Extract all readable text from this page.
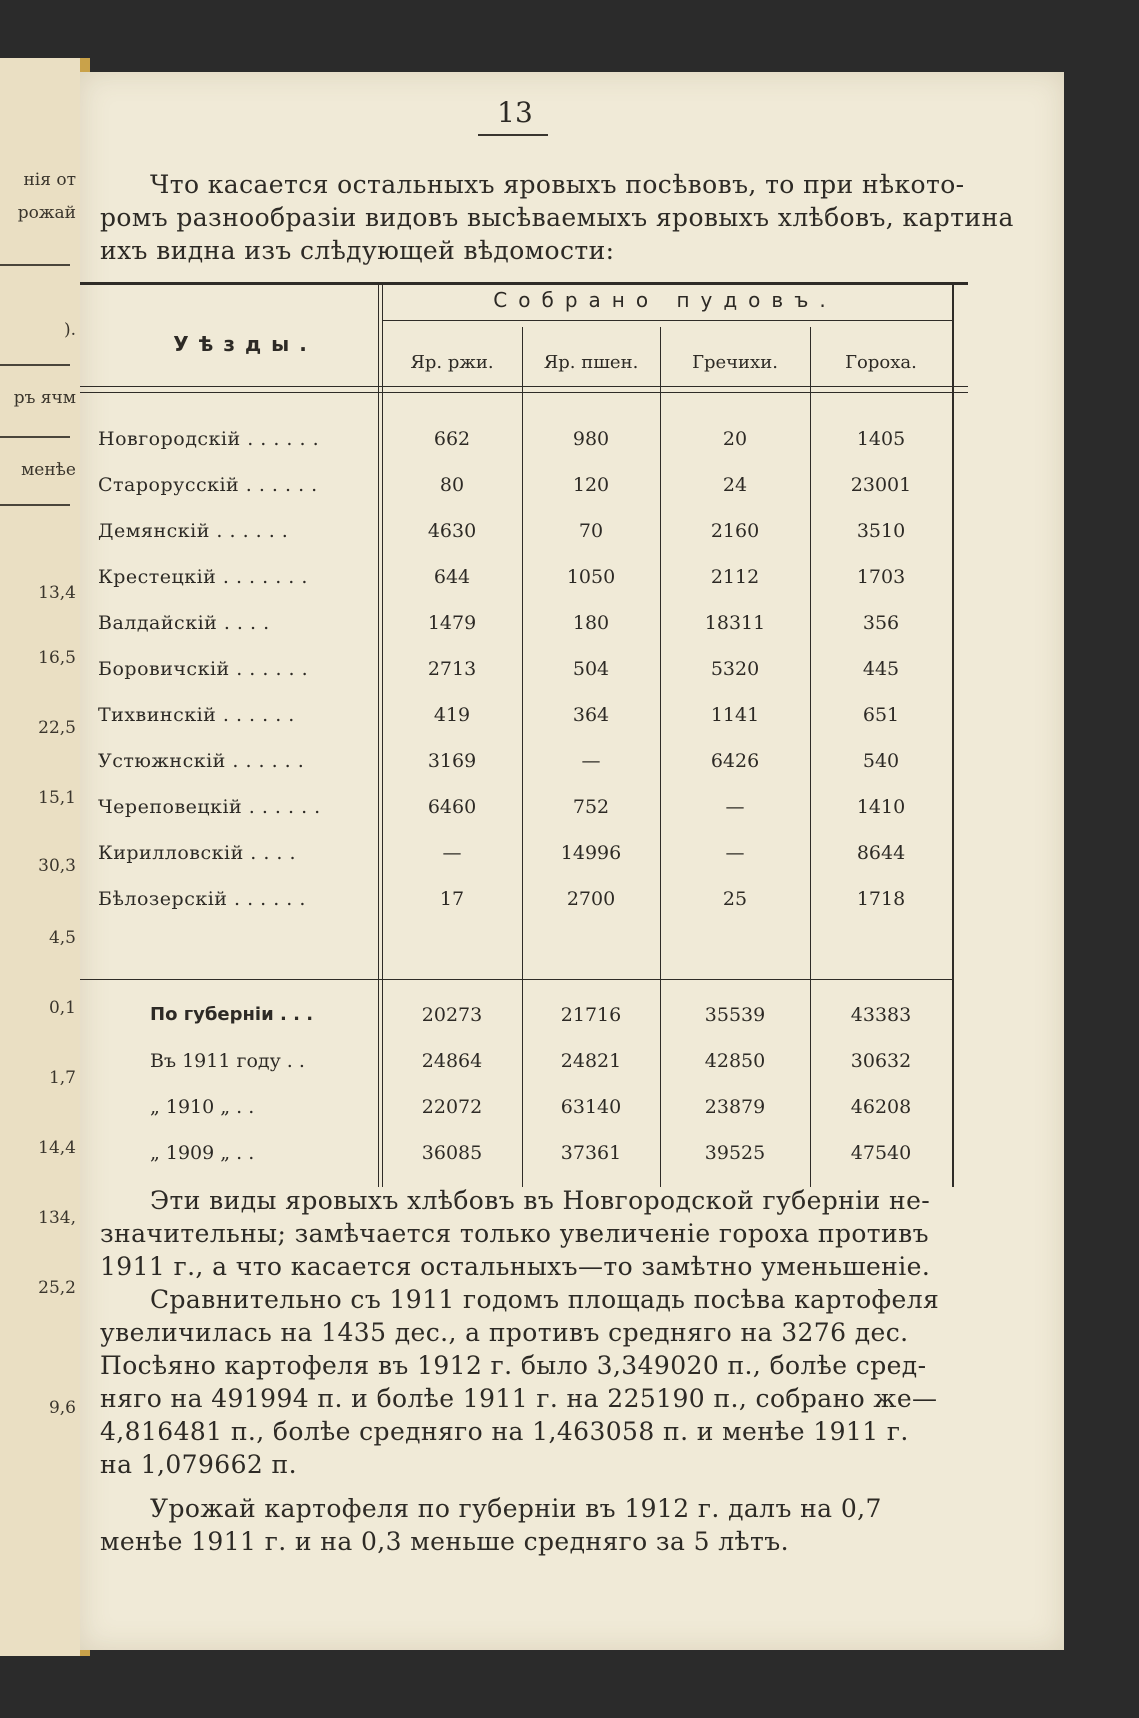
нія от
рожай
).
ръ ячм
менѣе
13,4
16,5
22,5
15,1
30,3
4,5
0,1
1,7
14,4
134,
25,2
9,6
13

Что касается остальныхъ яровыхъ посѣвовъ, то при нѣкото-

ромъ разнообразіи видовъ высѣваемыхъ яровыхъ хлѣбовъ, картина

ихъ видна изъ слѣдующей вѣдомости:

Уѣзды.
Собрано пудовъ.
Яр. ржи.	Яр. пшен.	Гречихи.	Гороха.
Новгородскій . . . . . .	662	980	20	1405
Старорусскій . . . . . .	80	120	24	23001
Демянскій . . . . . .	4630	70	2160	3510
Крестецкій . . . . . . .	644	1050	2112	1703
Валдайскій . . . .	1479	180	18311	356
Боровичскій . . . . . .	2713	504	5320	445
Тихвинскій . . . . . .	419	364	1141	651
Устюжнскій . . . . . .	3169	—	6426	540
Череповецкій . . . . . .	6460	752	—	1410
Кирилловскій . . . .	—	14996	—	8644
Бѣлозерскій . . . . . .	17	2700	25	1718
По губерніи . . .	20273	21716	35539	43383
Въ 1911 году . .	24864	24821	42850	30632
„ 1910 „ . .	22072	63140	23879	46208
„ 1909 „ . .	36085	37361	39525	47540

Эти виды яровыхъ хлѣбовъ въ Новгородской губерніи не-

значительны; замѣчается только увеличеніе гороха противъ

1911 г., а что касается остальныхъ—то замѣтно уменьшеніе.

Сравнительно съ 1911 годомъ площадь посѣва картофеля

увеличилась на 1435 дес., а противъ средняго на 3276 дес.

Посѣяно картофеля въ 1912 г. было 3,349020 п., болѣе сред-

няго на 491994 п. и болѣе 1911 г. на 225190 п., собрано же—

4,816481 п., болѣе средняго на 1,463058 п. и менѣе 1911 г.

на 1,079662 п.

Урожай картофеля по губерніи въ 1912 г. далъ на 0,7

менѣе 1911 г. и на 0,3 меньше средняго за 5 лѣтъ.
